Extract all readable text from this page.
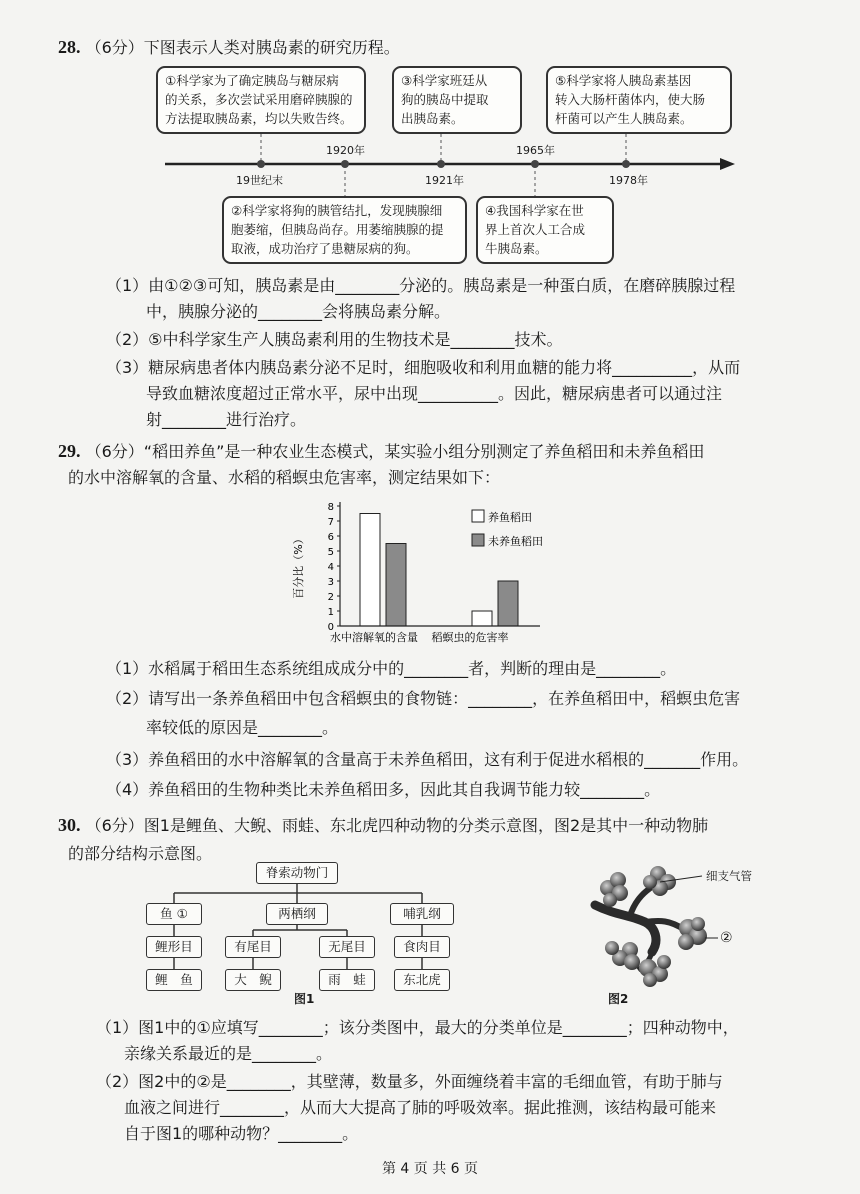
28. （6分）下图表示人类对胰岛素的研究历程。
①科学家为了确定胰岛与糖尿病
的关系，多次尝试采用磨碎胰腺的
方法提取胰岛素，均以失败告终。
③科学家班廷从
狗的胰岛中提取
出胰岛素。
⑤科学家将人胰岛素基因
转入大肠杆菌体内，使大肠
杆菌可以产生人胰岛素。
19世纪末
1920年
1921年
1965年
1978年
②科学家将狗的胰管结扎，发现胰腺细
胞萎缩，但胰岛尚存。用萎缩胰腺的提
取液，成功治疗了患糖尿病的狗。
④我国科学家在世
界上首次人工合成
牛胰岛素。
（1）由①②③可知，胰岛素是由________分泌的。胰岛素是一种蛋白质，在磨碎胰腺过程
中，胰腺分泌的________会将胰岛素分解。
（2）⑤中科学家生产人胰岛素利用的生物技术是________技术。
（3）糖尿病患者体内胰岛素分泌不足时，细胞吸收和利用血糖的能力将__________，从而
导致血糖浓度超过正常水平，尿中出现__________。因此，糖尿病患者可以通过注
射________进行治疗。
29. （6分）“稻田养鱼”是一种农业生态模式，某实验小组分别测定了养鱼稻田和未养鱼稻田
的水中溶解氧的含量、水稻的稻螟虫危害率，测定结果如下：
百分比（%）
0
1
2
3
4
5
6
7
8
水中溶解氧的含量 稻螟虫的危害率
养鱼稻田
未养鱼稻田
（1）水稻属于稻田生态系统组成成分中的________者，判断的理由是________。
（2）请写出一条养鱼稻田中包含稻螟虫的食物链：________，在养鱼稻田中，稻螟虫危害
率较低的原因是________。
（3）养鱼稻田的水中溶解氧的含量高于未养鱼稻田，这有利于促进水稻根的_______作用。
（4）养鱼稻田的生物种类比未养鱼稻田多，因此其自我调节能力较________。
30. （6分）图1是鲤鱼、大鲵、雨蛙、东北虎四种动物的分类示意图，图2是其中一种动物肺
的部分结构示意图。
脊索动物门
鱼 ①	两栖纲	哺乳纲
鲤形目	有尾目	无尾目	食肉目
鲤　鱼	大　鲵	雨　蛙	东北虎
图1
细支气管
②
图2
（1）图1中的①应填写________；该分类图中，最大的分类单位是________；四种动物中，
亲缘关系最近的是________。
（2）图2中的②是________，其壁薄，数量多，外面缠绕着丰富的毛细血管，有助于肺与
血液之间进行________，从而大大提高了肺的呼吸效率。据此推测，该结构最可能来
自于图1的哪种动物？________。
第 4 页 共 6 页
